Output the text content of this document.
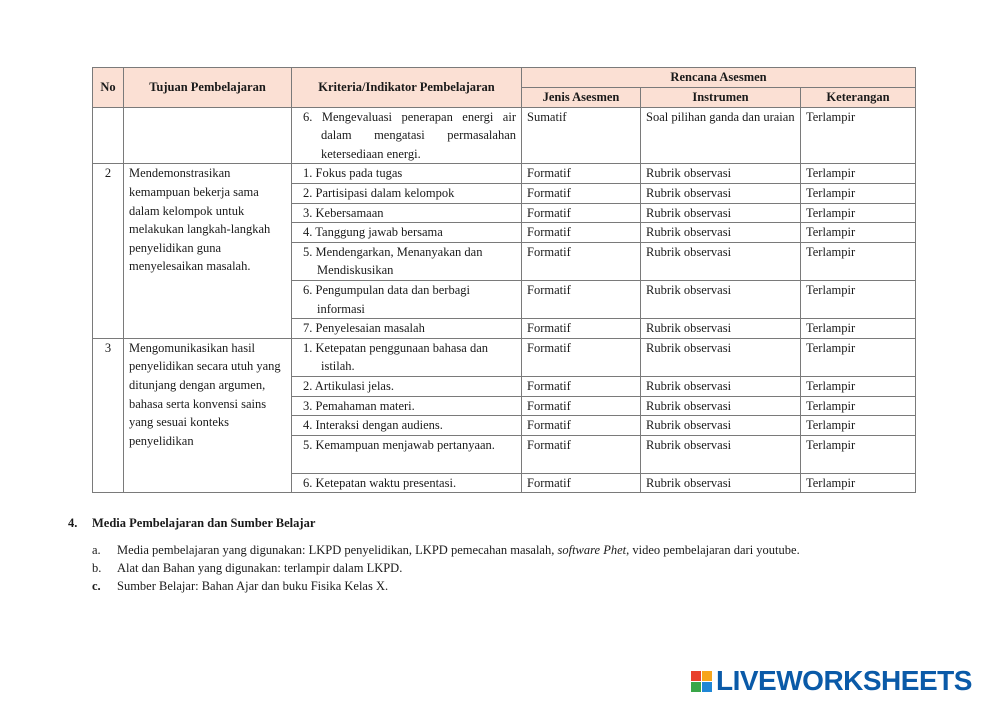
No	Tujuan Pembelajaran	Kriteria/Indikator Pembelajaran	Rencana Asesmen		
			Jenis Asesmen	Instrumen	Keterangan

		6. Mengevaluasi penerapan energi air dalam mengatasi permasalahan ketersediaan energi.	Sumatif	Soal pilihan ganda dan uraian	Terlampir
2	Mendemonstrasikan kemampuan bekerja sama dalam kelompok untuk melakukan langkah-langkah penyelidikan guna menyelesaikan masalah.	1. Fokus pada tugas	Formatif	Rubrik observasi	Terlampir

		2. Partisipasi dalam kelompok	Formatif	Rubrik observasi	Terlampir

		3. Kebersamaan	Formatif	Rubrik observasi	Terlampir

		4. Tanggung jawab bersama	Formatif	Rubrik observasi	Terlampir

		5. Mendengarkan, Menanyakan dan Mendiskusikan	Formatif	Rubrik observasi	Terlampir

		6. Pengumpulan data dan berbagi informasi	Formatif	Rubrik observasi	Terlampir

		7. Penyelesaian masalah	Formatif	Rubrik observasi	Terlampir
3	Mengomunikasikan hasil penyelidikan secara utuh yang ditunjang dengan argumen, bahasa serta konvensi sains yang sesuai konteks penyelidikan	1. Ketepatan penggunaan bahasa dan istilah.	Formatif	Rubrik observasi	Terlampir

		2. Artikulasi jelas.	Formatif	Rubrik observasi	Terlampir

		3. Pemahaman materi.	Formatif	Rubrik observasi	Terlampir

		4. Interaksi dengan audiens.	Formatif	Rubrik observasi	Terlampir

		5. Kemampuan menjawab pertanyaan.	Formatif	Rubrik observasi	Terlampir

		6. Ketepatan waktu presentasi.	Formatif	Rubrik observasi	Terlampir
4. Media Pembelajaran dan Sumber Belajar
a.	Media pembelajaran yang digunakan: LKPD penyelidikan, LKPD pemecahan masalah, software Phet, video pembelajaran dari youtube.
b.	Alat dan Bahan yang digunakan: terlampir dalam LKPD.
c.	Sumber Belajar: Bahan Ajar dan buku Fisika Kelas X.
LIVEWORKSHEETS
